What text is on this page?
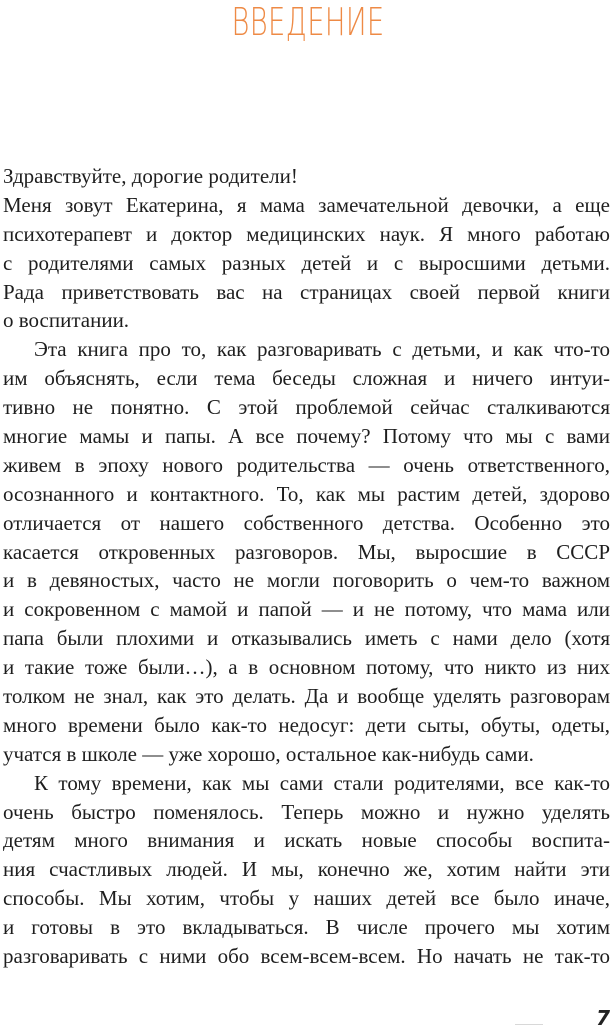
ВВЕДЕНИЕ
Здравствуйте, дорогие родители!
Меня зовут Екатерина, я мама замечательной девочки, а еще
психотерапевт и доктор медицинских наук. Я много работаю
с родителями самых разных детей и с выросшими детьми.
Рада приветствовать вас на страницах своей первой книги
о воспитании.
Эта книга про то, как разговаривать с детьми, и как что-то
им объяснять, если тема беседы сложная и ничего интуи-
тивно не понятно. С этой проблемой сейчас сталкиваются
многие мамы и папы. А все почему? Потому что мы с вами
живем в эпоху нового родительства — очень ответственного,
осознанного и контактного. То, как мы растим детей, здорово
отличается от нашего собственного детства. Особенно это
касается откровенных разговоров. Мы, выросшие в СССР
и в девяностых, часто не могли поговорить о чем-то важном
и сокровенном с мамой и папой — и не потому, что мама или
папа были плохими и отказывались иметь с нами дело (хотя
и такие тоже были…), а в основном потому, что никто из них
толком не знал, как это делать. Да и вообще уделять разговорам
много времени было как-то недосуг: дети сыты, обуты, одеты,
учатся в школе — уже хорошо, остальное как-нибудь сами.
К тому времени, как мы сами стали родителями, все как-то
очень быстро поменялось. Теперь можно и нужно уделять
детям много внимания и искать новые способы воспита-
ния счастливых людей. И мы, конечно же, хотим найти эти
способы. Мы хотим, чтобы у наших детей все было иначе,
и готовы в это вкладываться. В числе прочего мы хотим
разговаривать с ними обо всем-всем-всем. Но начать не так-то
7
